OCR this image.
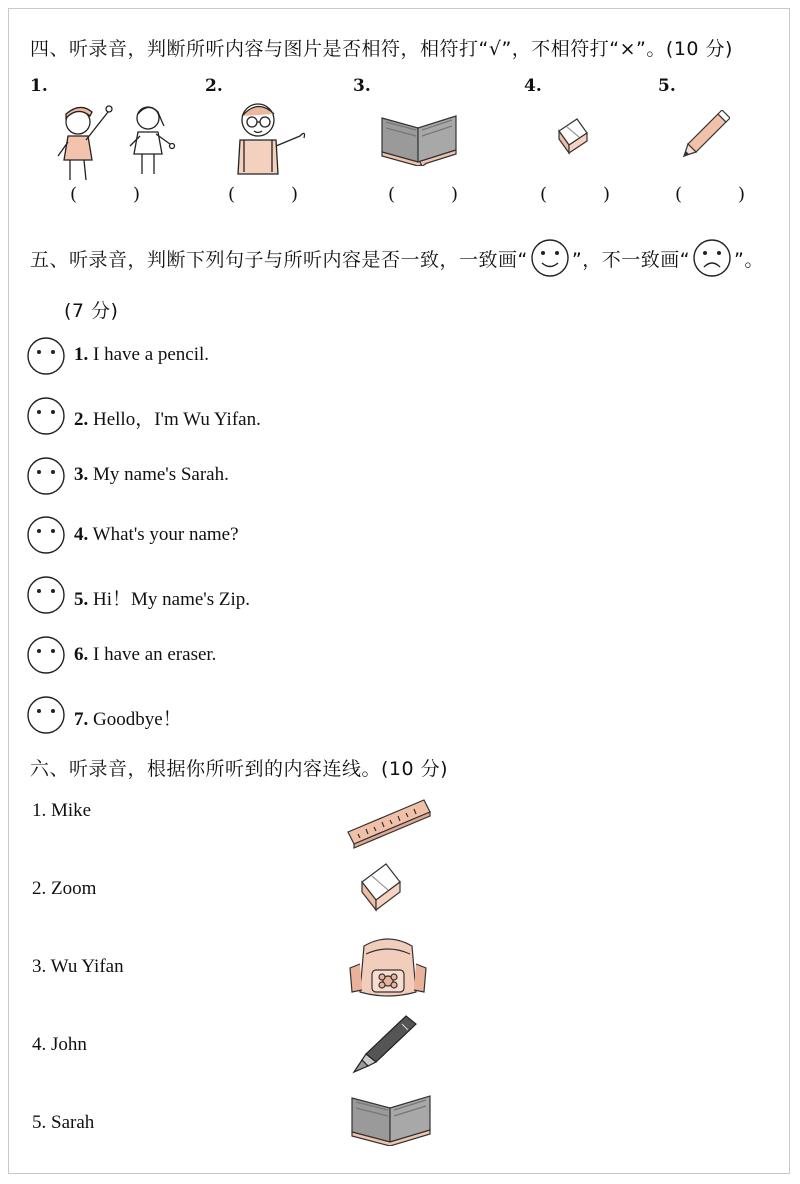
四、听录音，判断所听内容与图片是否相符，相符打“√”，不相符打“×”。(10 分)
1.	2.	3.	4.	5.
(	)	(	)	(	)	(	)	(	)
五、听录音，判断下列句子与所听内容是否一致，一致画“ ”，不一致画“ ”。
(7 分)
1. I have a pencil.
2. Hello，I'm Wu Yifan.
3. My name's Sarah.
4. What's your name?
5. Hi！My name's Zip.
6. I have an eraser.
7. Goodbye！
六、听录音，根据你所听到的内容连线。(10 分)
1. Mike
2. Zoom
3. Wu Yifan
4. John
5. Sarah
